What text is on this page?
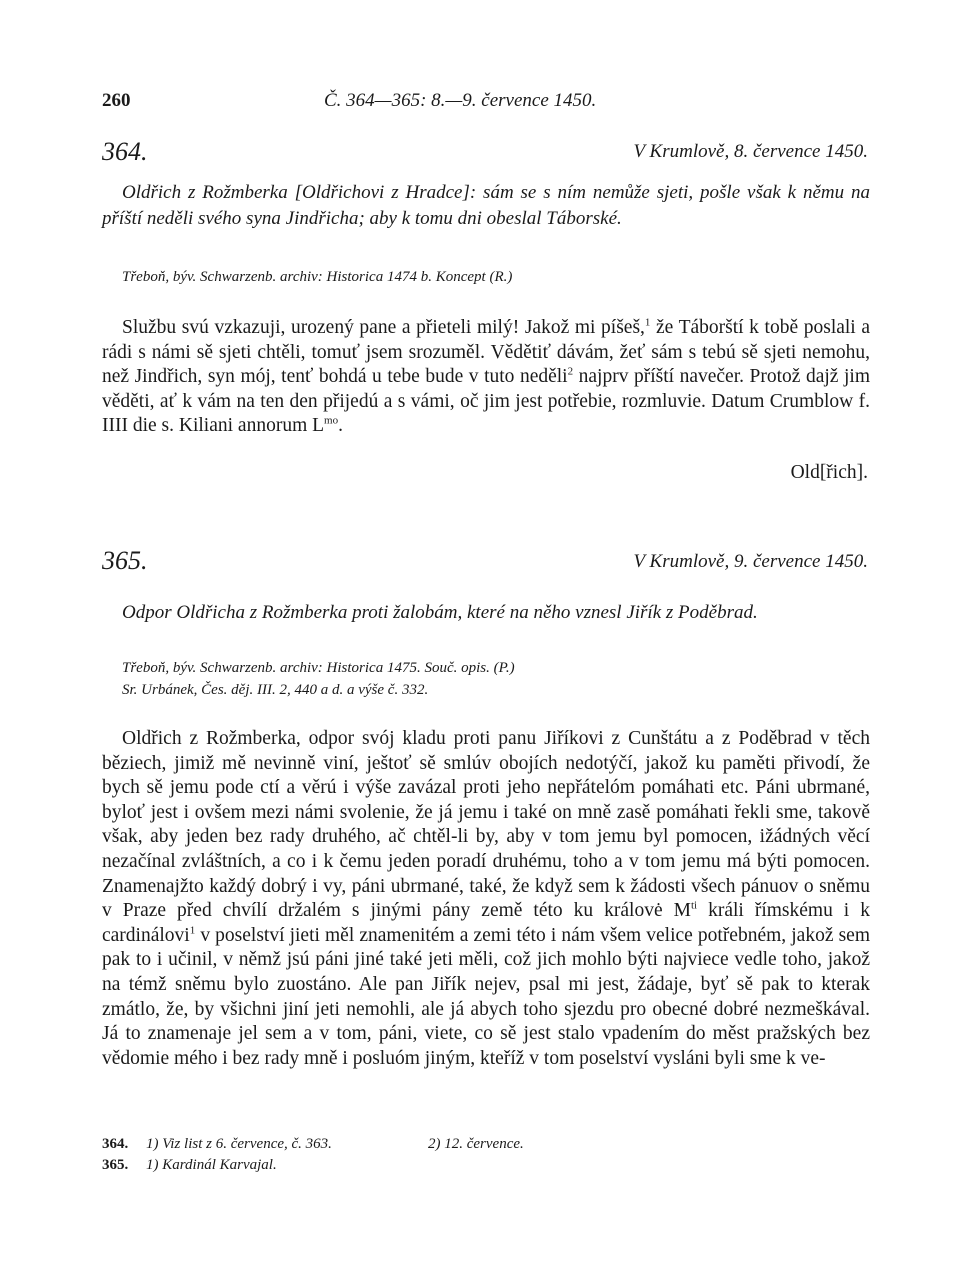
260	Č. 364—365: 8.—9. července 1450.
364.	V Krumlově, 8. července 1450.
Oldřich z Rožmberka [Oldřichovi z Hradce]: sám se s ním nemůže sjeti, pošle však k němu na příští neděli svého syna Jindřicha; aby k tomu dni obeslal Táborské.
Třeboň, býv. Schwarzenb. archiv: Historica 1474 b. Koncept (R.)

Službu svú vzkazuji, urozený pane a přieteli milý! Jakož mi píšeš,$^1$ že Táborští k tobě poslali a rádi s námi sě sjeti chtěli, tomuť jsem srozuměl. Vědětiť dávám, žeť sám s tebú sě sjeti nemohu, než Jindřich, syn mój, tenť bohdá u tebe bude v tuto neděli$^2$ najprv příští navečer. Protož dajž jim věděti, ať k vám na ten den přijedú a s vámi, oč jim jest potřebie, rozmluvie. Datum Crumblow f. IIII die s. Kiliani annorum $L^{mo}$.

Old[řich].
365.	V Krumlově, 9. července 1450.
Odpor Oldřicha z Rožmberka proti žalobám, které na něho vznesl Jiřík z Poděbrad.
Třeboň, býv. Schwarzenb. archiv: Historica 1475. Souč. opis. (P.)
Sr. Urbánek, Čes. děj. III. 2, 440 a d. a výše č. 332.

Oldřich z Rožmberka, odpor svój kladu proti panu Jiříkovi z Cunštátu a z Poděbrad v těch běziech, jimiž mě nevinně viní, ještoť sě smlúv obojích nedotýčí, jakož ku paměti přivodí, že bych sě jemu pode ctí a věrú i výše zavázal proti jeho nepřátelóm pomáhati etc. Páni ubrmané, byloť jest i ovšem mezi námi svolenie, že já jemu i také on mně zasě pomáhati řekli sme, takově však, aby jeden bez rady druhého, ač chtěl-li by, aby v tom jemu byl pomocen, ižádných věcí nezačínal zvláštních, a co i k čemu jeden poradí druhému, toho a v tom jemu má býti pomocen. Znamenajžto každý dobrý i vy, páni ubrmané, také, že když sem k žádosti všech pánuov o sněmu v Praze před chvílí držalém s jinými pány země této ku královė $M^{ti}$ králi římskému i k cardinálovi$^1$ v poselství jieti měl znamenitém a zemi této i nám všem velice potřebném, jakož sem pak to i učinil, v němž jsú páni jiné také jeti měli, což jich mohlo býti najviece vedle toho, jakož na témž sněmu bylo zuostáno. Ale pan Jiřík nejev, psal mi jest, žádaje, byť sě pak to kterak zmátlo, že, by všichni jiní jeti nemohli, ale já abych toho sjezdu pro obecné dobré nezmeškával. Já to znamenaje jel sem a v tom, páni, viete, co sě jest stalo vpadením do měst pražských bez vědomie mého i bez rady mně i posluóm jiným, kteříž v tom poselství vysláni byli sme k ve-

364. 1) Viz list z 6. července, č. 363.	2) 12. července.
365. 1) Kardinál Karvajal.
